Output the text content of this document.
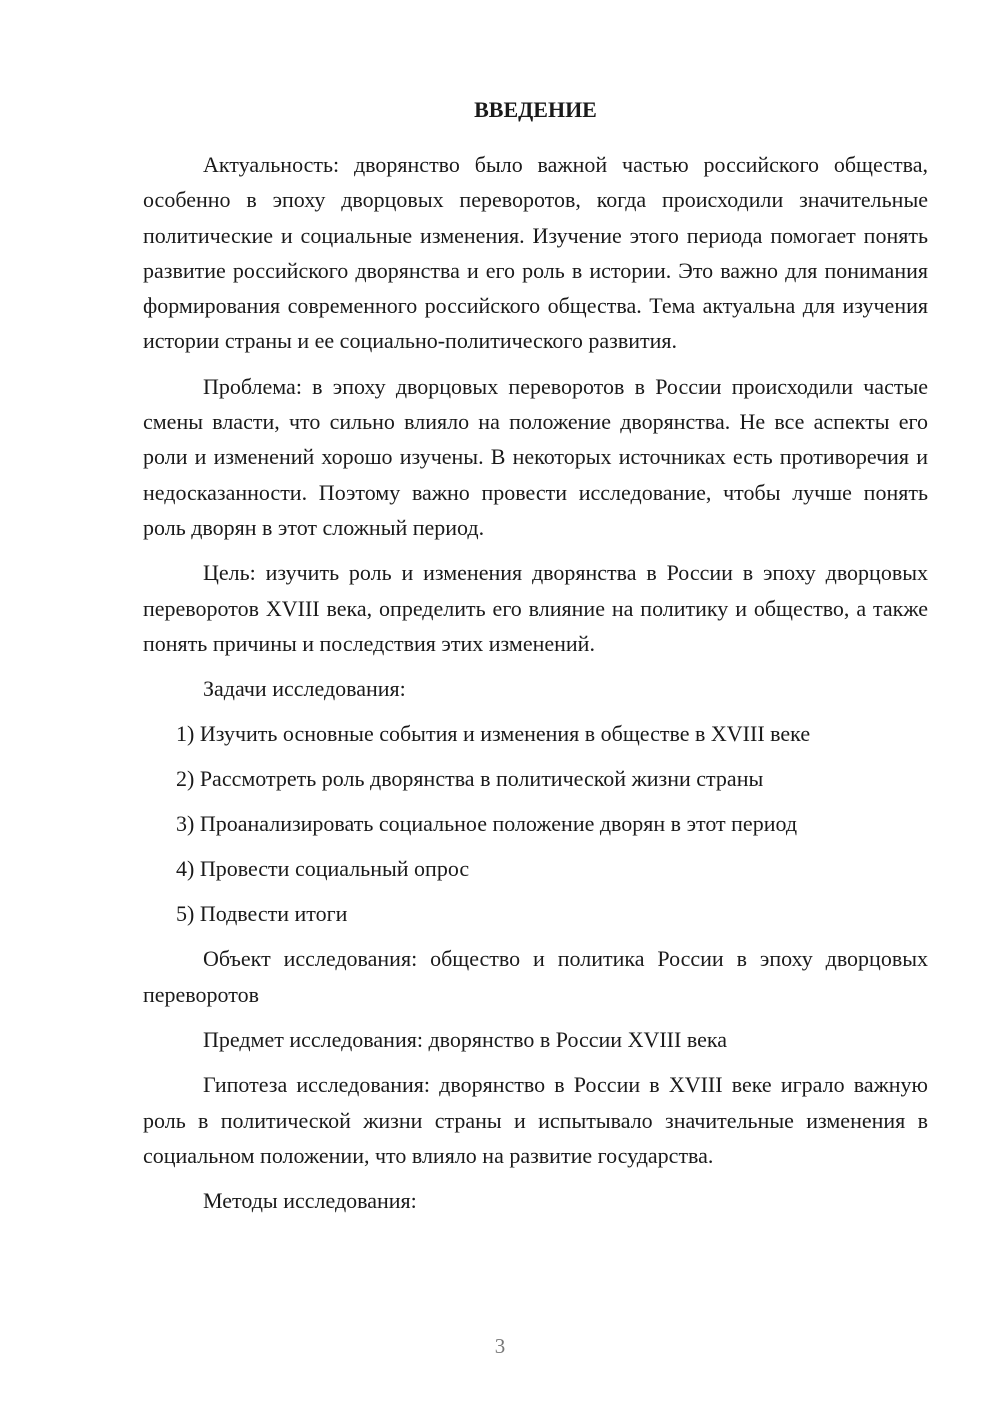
ВВЕДЕНИЕ

Актуальность: дворянство было важной частью российского общества, особенно в эпоху дворцовых переворотов, когда происходили значительные политические и социальные изменения. Изучение этого периода помогает понять развитие российского дворянства и его роль в истории. Это важно для понимания формирования современного российского общества. Тема актуальна для изучения истории страны и ее социально-политического развития.

Проблема: в эпоху дворцовых переворотов в России происходили частые смены власти, что сильно влияло на положение дворянства. Не все аспекты его роли и изменений хорошо изучены. В некоторых источниках есть противоречия и недосказанности. Поэтому важно провести исследование, чтобы лучше понять роль дворян в этот сложный период.

Цель: изучить роль и изменения дворянства в России в эпоху дворцовых переворотов XVIII века, определить его влияние на политику и общество, а также понять причины и последствия этих изменений.

Задачи исследования:

1) Изучить основные события и изменения в обществе в XVIII веке
2) Рассмотреть роль дворянства в политической жизни страны
3) Проанализировать социальное положение дворян в этот период
4) Провести социальный опрос
5) Подвести итоги

Объект исследования: общество и политика России в эпоху дворцовых переворотов

Предмет исследования: дворянство в России XVIII века

Гипотеза исследования: дворянство в России в XVIII веке играло важную роль в политической жизни страны и испытывало значительные изменения в социальном положении, что влияло на развитие государства.

Методы исследования:

3
